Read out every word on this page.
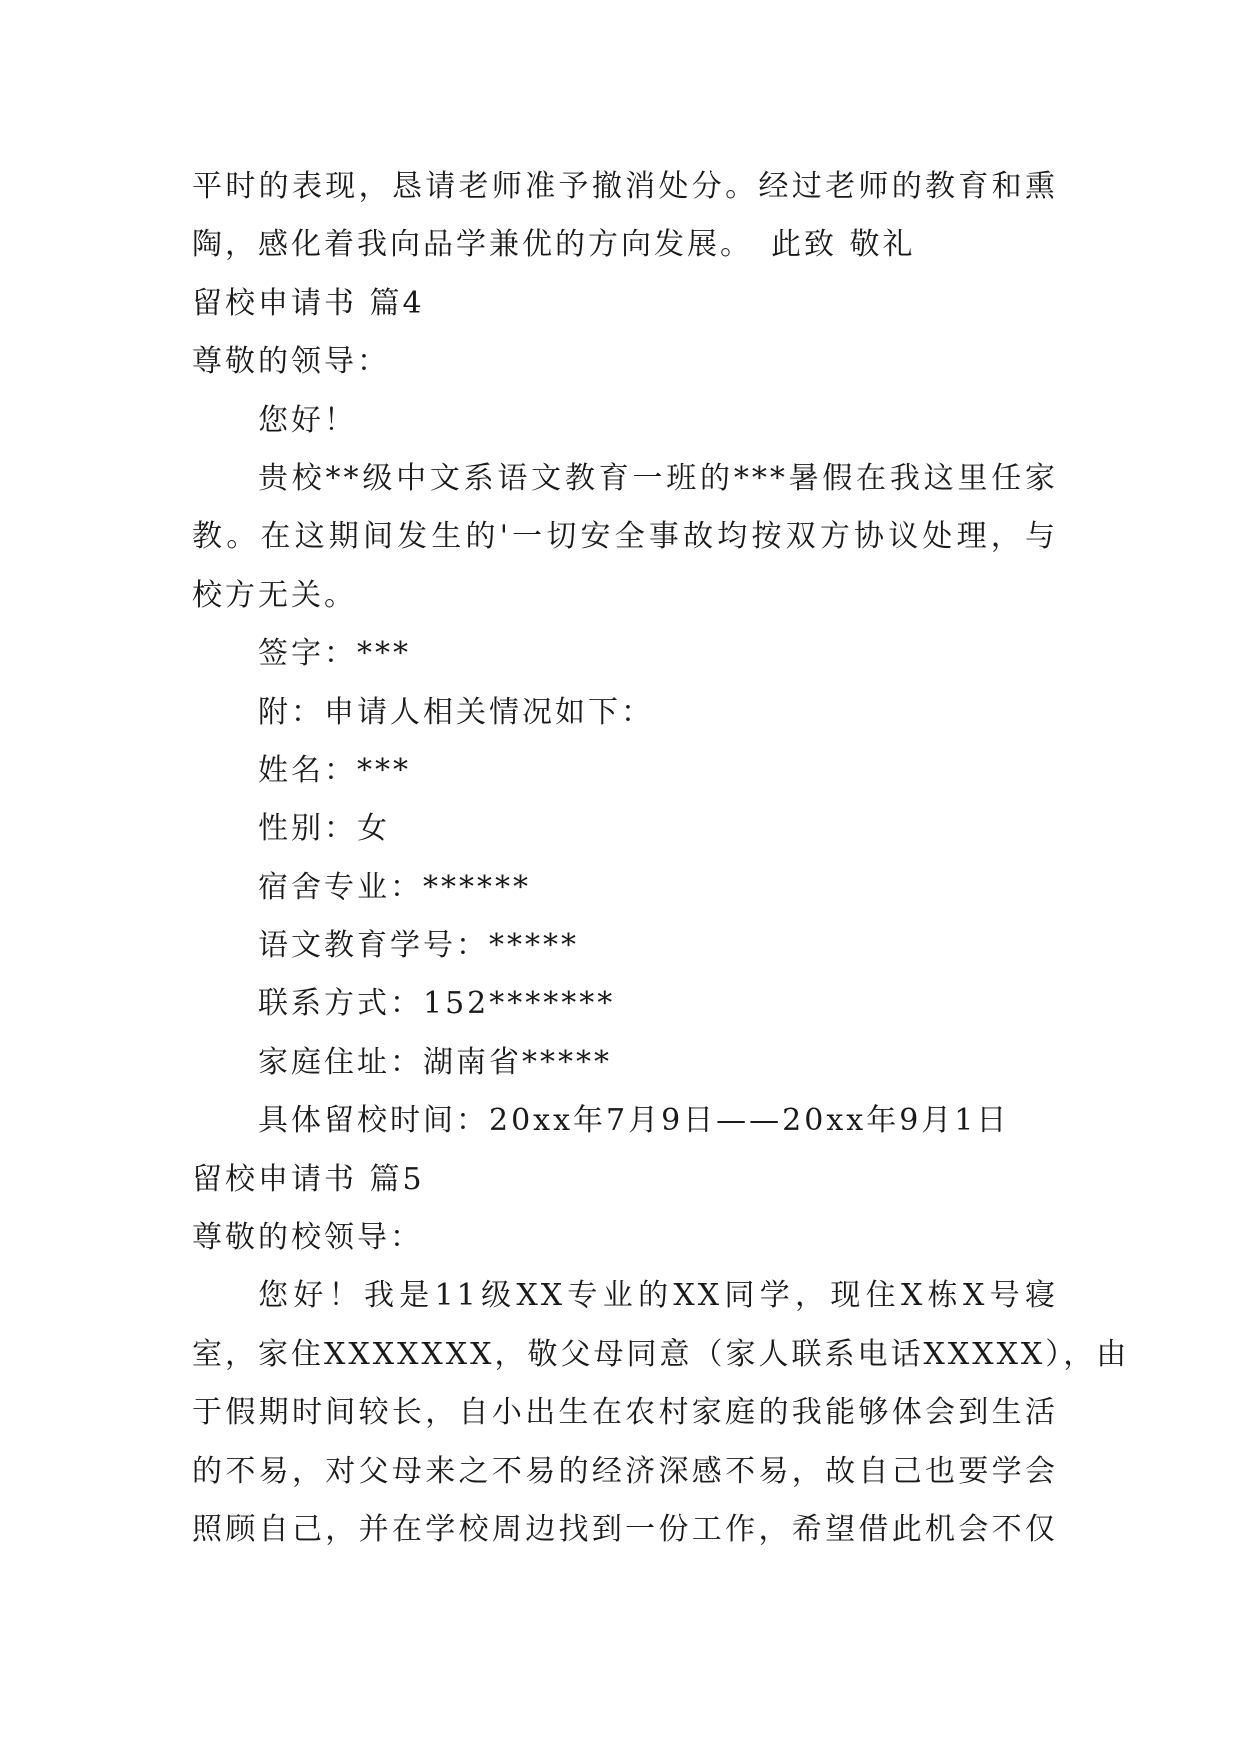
平时的表现，恳请老师准予撤消处分。经过老师的教育和熏
陶，感化着我向品学兼优的方向发展。　此致 敬礼
留校申请书 篇4
尊敬的领导：
您好！
贵校**级中文系语文教育一班的***暑假在我这里任家
教。在这期间发生的'一切安全事故均按双方协议处理，与
校方无关。
签字：***
附：申请人相关情况如下：
姓名：***
性别：女
宿舍专业：******
语文教育学号：*****
联系方式：152*******
家庭住址：湖南省*****
具体留校时间：20xx年7月9日——20xx年9月1日
留校申请书 篇5
尊敬的校领导：
您好！我是11级XX专业的XX同学，现住X栋X号寝
室，家住XXXXXXX，敬父母同意（家人联系电话XXXXX），由
于假期时间较长，自小出生在农村家庭的我能够体会到生活
的不易，对父母来之不易的经济深感不易，故自己也要学会
照顾自己，并在学校周边找到一份工作，希望借此机会不仅
